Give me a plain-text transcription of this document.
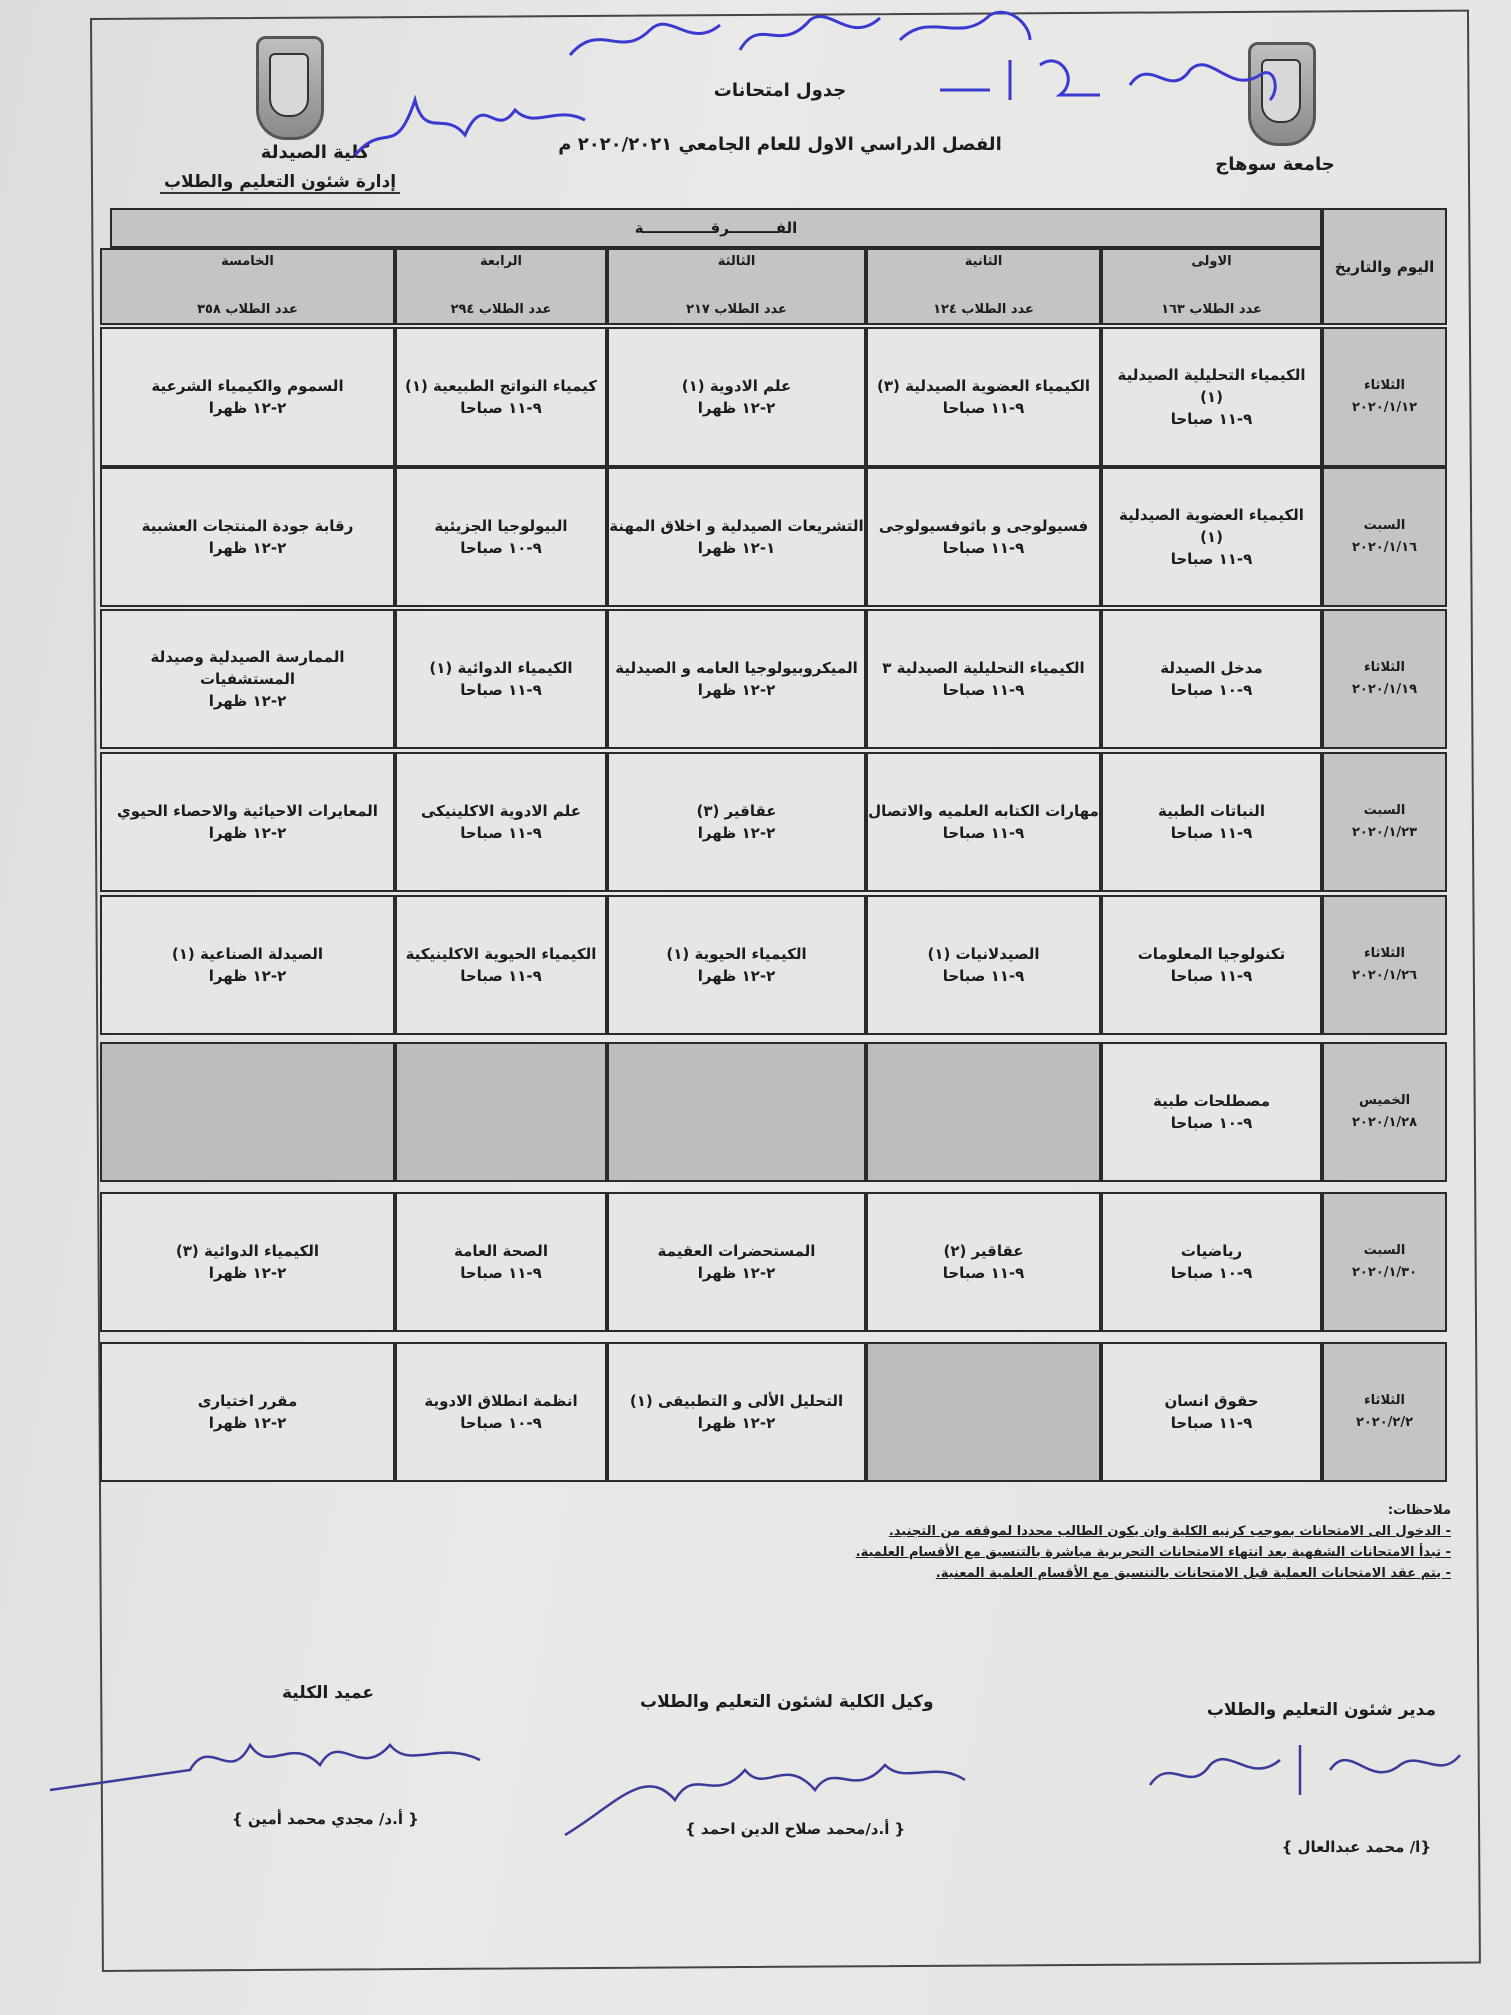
جامعة سوهاج
كلية الصيدلة
إدارة شئون التعليم والطلاب
جدول امتحانات
الفصل الدراسي الاول للعام الجامعي ٢٠٢٠/٢٠٢١ م
الفـــــــــرقـــــــــــــة
اليوم والتاريخ
الاولى
عدد الطلاب ١٦٣
الثانية
عدد الطلاب ١٢٤
الثالثة
عدد الطلاب ٢١٧
الرابعة
عدد الطلاب ٢٩٤
الخامسة
عدد الطلاب ٣٥٨
الثلاثاء
٢٠٢٠/١/١٢
الكيمياء التحليلية الصيدلية
(١)
٩-١١ صباحا
الكيمياء العضوية الصيدلية (٣)
٩-١١ صباحا
علم الادوية (١)
٢-١٢ ظهرا
كيمياء النواتج الطبيعية (١)
٩-١١ صباحا
السموم والكيمياء الشرعية
٢-١٢ ظهرا
السبت
٢٠٢٠/١/١٦
الكيمياء العضوية الصيدلية
(١)
٩-١١ صباحا
فسيولوجى و باثوفسيولوجى
٩-١١ صباحا
التشريعات الصيدلية و اخلاق المهنة
١-١٢ ظهرا
البيولوجيا الجزيئية
٩-١٠ صباحا
رقابة جودة المنتجات العشبية
٢-١٢ ظهرا
الثلاثاء
٢٠٢٠/١/١٩
مدخل الصيدلة
٩-١٠ صباحا
الكيمياء التحليلية الصيدلية ٣
٩-١١ صباحا
الميكروبيولوجيا العامه و الصيدلية
٢-١٢ ظهرا
الكيمياء الدوائية (١)
٩-١١ صباحا
الممارسة الصيدلية وصيدلة المستشفيات
٢-١٢ ظهرا
السبت
٢٠٢٠/١/٢٣
النباتات الطبية
٩-١١ صباحا
مهارات الكتابه العلميه والاتصال
٩-١١ صباحا
عقاقير (٣)
٢-١٢ ظهرا
علم الادوية الاكلينيكى
٩-١١ صباحا
المعايرات الاحيائية والاحصاء الحيوي
٢-١٢ ظهرا
الثلاثاء
٢٠٢٠/١/٢٦
تكنولوجيا المعلومات
٩-١١ صباحا
الصيدلانيات (١)
٩-١١ صباحا
الكيمياء الحيوية (١)
٢-١٢ ظهرا
الكيمياء الحيوية الاكلينيكية
٩-١١ صباحا
الصيدلة الصناعية (١)
٢-١٢ ظهرا
الخميس
٢٠٢٠/١/٢٨
مصطلحات طبية
٩-١٠ صباحا
السبت
٢٠٢٠/١/٣٠
رياضيات
٩-١٠ صباحا
عقاقير (٢)
٩-١١ صباحا
المستحضرات العقيمة
٢-١٢ ظهرا
الصحة العامة
٩-١١ صباحا
الكيمياء الدوائية (٣)
٢-١٢ ظهرا
الثلاثاء
٢٠٢٠/٢/٢
حقوق انسان
٩-١١ صباحا
التحليل الألى و التطبيقى (١)
٢-١٢ ظهرا
انظمة انطلاق الادوية
٩-١٠ صباحا
مقرر اختيارى
٢-١٢ ظهرا
ملاحظات:
- الدخول الى الامتحانات بموجب كرنيه الكلية وان يكون الطالب محددا لموقفه من التجنيد.
- تبدأ الامتحانات الشفهية بعد انتهاء الامتحانات التحريرية مباشرة بالتنسيق مع الأقسام العلمية.
- يتم عقد الامتحانات العملية قبل الامتحانات بالتنسيق مع الأقسام العلمية المعنية.
مدير شئون التعليم والطلاب
{ا/ محمد عبدالعال }
وكيل الكلية لشئون التعليم والطلاب
{ أ.د/محمد صلاح الدين احمد }
عميد الكلية
{ أ.د/ مجدي محمد أمين }
